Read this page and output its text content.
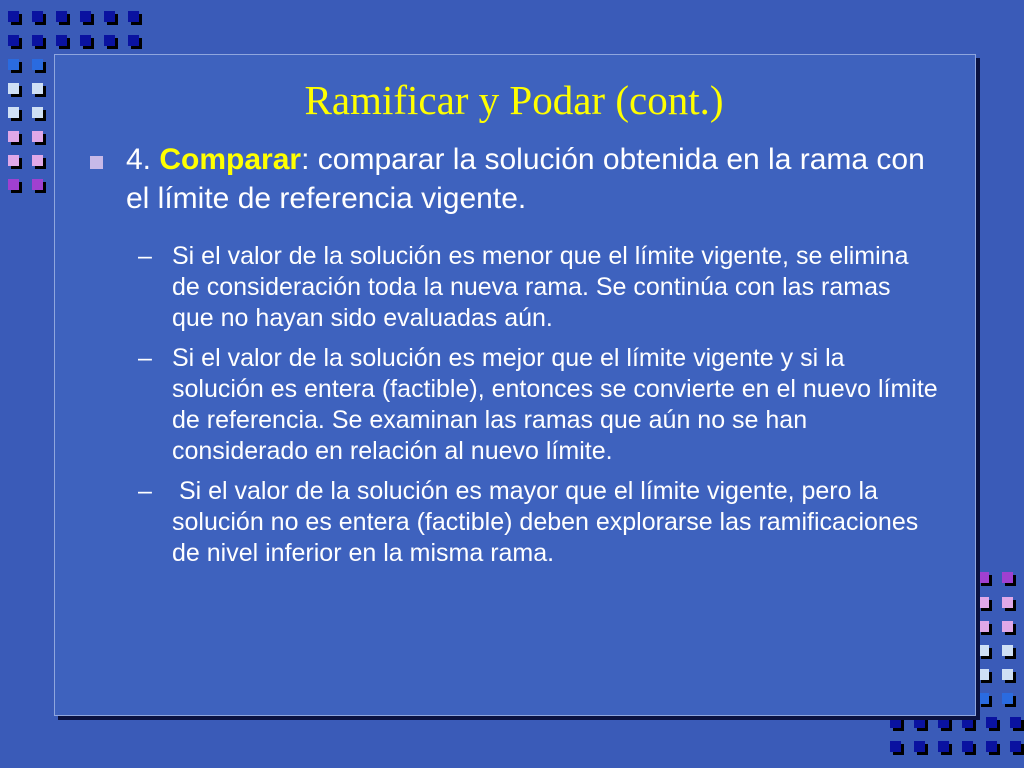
Ramificar y Podar (cont.)
4. Comparar: comparar la solución obtenida en la rama con el límite de referencia vigente.
– Si el valor de la solución es menor que el límite vigente, se elimina de consideración toda la nueva rama. Se continúa con las ramas que no hayan sido evaluadas aún.
– Si el valor de la solución es mejor que el límite vigente y si la solución es entera (factible), entonces se convierte en el nuevo límite de referencia. Se examinan las ramas que aún no se han considerado en relación al nuevo límite.
– Si el valor de la solución es mayor que el límite vigente, pero la solución no es entera (factible) deben explorarse las ramificaciones de nivel inferior en la misma rama.
